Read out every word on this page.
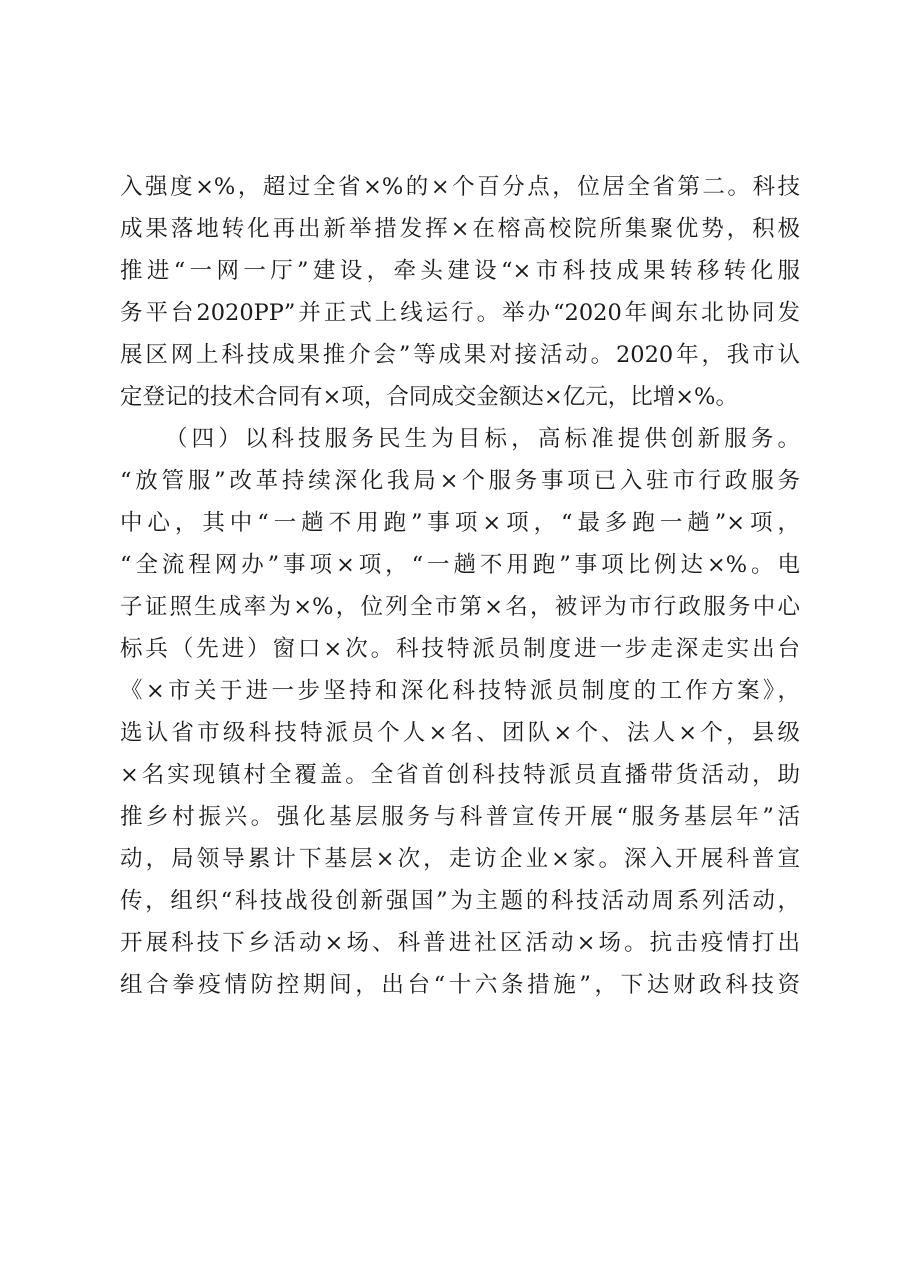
入强度×%，超过全省×%的×个百分点，位居全省第二。科技
成果落地转化再出新举措发挥×在榕高校院所集聚优势，积极
推进“一网一厅”建设，牵头建设“×市科技成果转移转化服
务平台2020PP”并正式上线运行。举办“2020年闽东北协同发
展区网上科技成果推介会”等成果对接活动。2020年，我市认
定登记的技术合同有×项，合同成交金额达×亿元，比增×%。
（四）以科技服务民生为目标，高标准提供创新服务。
“放管服”改革持续深化我局×个服务事项已入驻市行政服务
中心，其中“一趟不用跑”事项×项，“最多跑一趟”×项，
“全流程网办”事项×项，“一趟不用跑”事项比例达×%。电
子证照生成率为×%，位列全市第×名，被评为市行政服务中心
标兵（先进）窗口×次。科技特派员制度进一步走深走实出台
《×市关于进一步坚持和深化科技特派员制度的工作方案》，
选认省市级科技特派员个人×名、团队×个、法人×个，县级
×名实现镇村全覆盖。全省首创科技特派员直播带货活动，助
推乡村振兴。强化基层服务与科普宣传开展“服务基层年”活
动，局领导累计下基层×次，走访企业×家。深入开展科普宣
传，组织“科技战役创新强国”为主题的科技活动周系列活动，
开展科技下乡活动×场、科普进社区活动×场。抗击疫情打出
组合拳疫情防控期间，出台“十六条措施”，下达财政科技资
